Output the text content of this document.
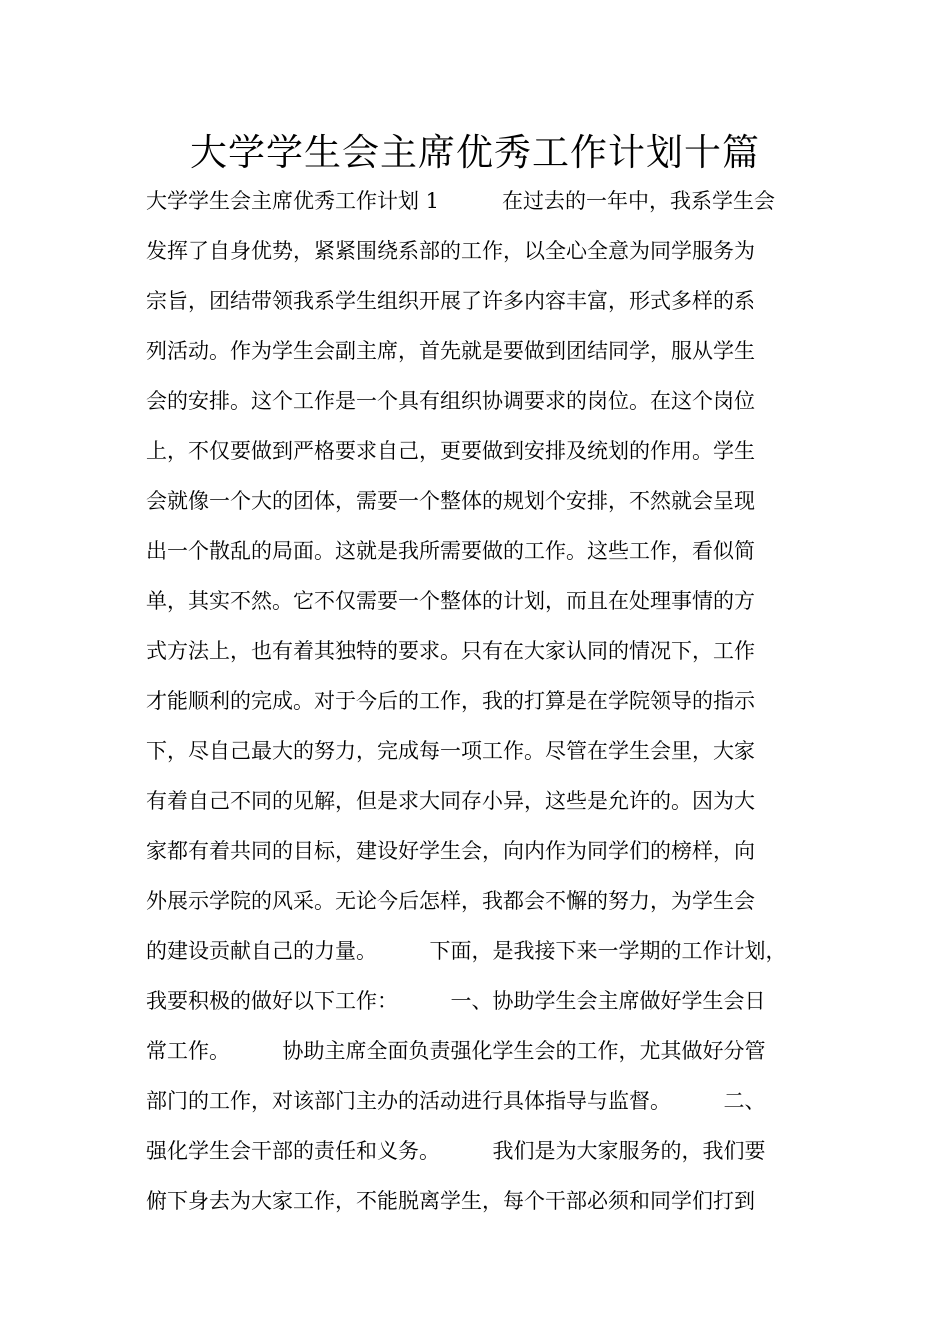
大学学生会主席优秀工作计划十篇
大学学生会主席优秀工作计划 1　　　在过去的一年中，我系学生会
发挥了自身优势，紧紧围绕系部的工作，以全心全意为同学服务为
宗旨，团结带领我系学生组织开展了许多内容丰富，形式多样的系
列活动。作为学生会副主席，首先就是要做到团结同学，服从学生
会的安排。这个工作是一个具有组织协调要求的岗位。在这个岗位
上，不仅要做到严格要求自己，更要做到安排及统划的作用。学生
会就像一个大的团体，需要一个整体的规划个安排，不然就会呈现
出一个散乱的局面。这就是我所需要做的工作。这些工作，看似简
单，其实不然。它不仅需要一个整体的计划，而且在处理事情的方
式方法上，也有着其独特的要求。只有在大家认同的情况下，工作
才能顺利的完成。对于今后的工作，我的打算是在学院领导的指示
下，尽自己最大的努力，完成每一项工作。尽管在学生会里，大家
有着自己不同的见解，但是求大同存小异，这些是允许的。因为大
家都有着共同的目标，建设好学生会，向内作为同学们的榜样，向
外展示学院的风采。无论今后怎样，我都会不懈的努力，为学生会
的建设贡献自己的力量。　　　下面，是我接下来一学期的工作计划，
我要积极的做好以下工作：　　　一、协助学生会主席做好学生会日
常工作。　　　协助主席全面负责强化学生会的工作，尤其做好分管
部门的工作，对该部门主办的活动进行具体指导与监督。　　　二、
强化学生会干部的责任和义务。　　　我们是为大家服务的，我们要
俯下身去为大家工作，不能脱离学生，每个干部必须和同学们打到
